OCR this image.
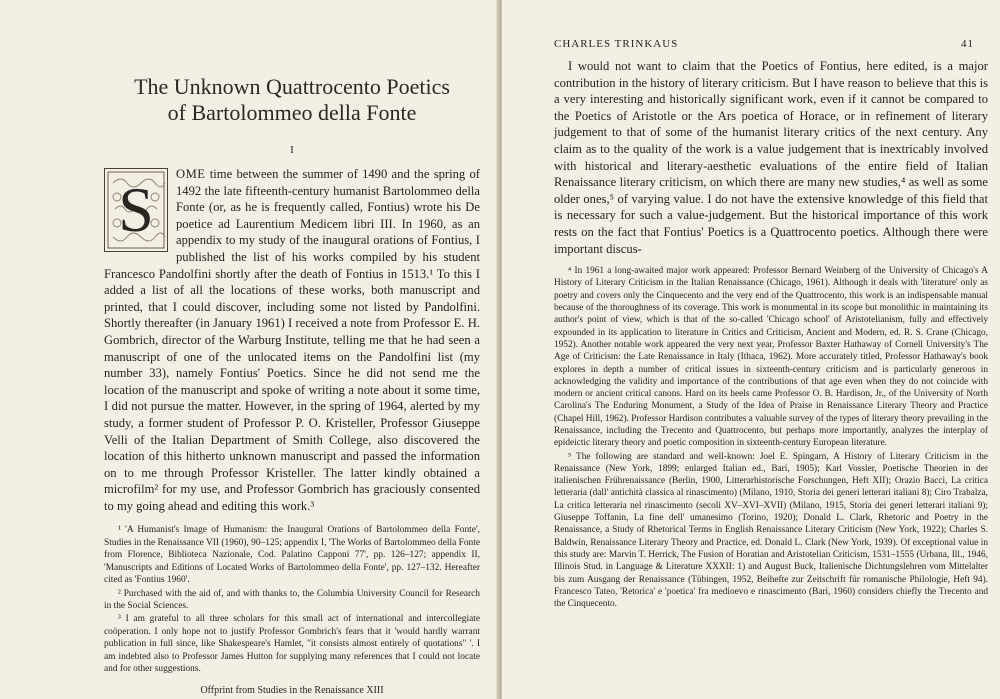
The Unknown Quattrocento Poetics
of Bartolommeo della Fonte
I
S	OME time between the summer of 1490 and the spring of 1492 the late fifteenth-century humanist Bartolommeo della Fonte (or, as he is frequently called, Fontius) wrote his De poetice ad Laurentium Medicem libri III. In 1960, as an appendix to my study of the inaugural orations of Fontius, I published the list of his works compiled by his student Francesco Pandolfini shortly after the death of Fontius in 1513.¹ To this I added a list of all the locations of these works, both manuscript and printed, that I could discover, including some not listed by Pandolfini. Shortly thereafter (in January 1961) I received a note from Professor E. H. Gombrich, director of the Warburg Institute, telling me that he had seen a manuscript of one of the unlocated items on the Pandolfini list (my number 33), namely Fontius' Poetics. Since he did not send me the location of the manuscript and spoke of writing a note about it some time, I did not pursue the matter. However, in the spring of 1964, alerted by my study, a former student of Professor P. O. Kristeller, Professor Giuseppe Velli of the Italian Department of Smith College, also discovered the location of this hitherto unknown manuscript and passed the information on to me through Professor Kristeller. The latter kindly obtained a microfilm² for my use, and Professor Gombrich has graciously consented to my going ahead and editing this work.³

¹ 'A Humanist's Image of Humanism: the Inaugural Orations of Bartolommeo della Fonte', Studies in the Renaissance VII (1960), 90–125; appendix I, 'The Works of Bartolommeo della Fonte from Florence, Biblioteca Nazionale, Cod. Palatino Capponi 77', pp. 126–127; appendix II, 'Manuscripts and Editions of Located Works of Bartolommeo della Fonte', pp. 127–132. Hereafter cited as 'Fontius 1960'.

² Purchased with the aid of, and with thanks to, the Columbia University Council for Research in the Social Sciences.

³ I am grateful to all three scholars for this small act of international and intercollegiate coöperation. I only hope not to justify Professor Gombrich's fears that it 'would hardly warrant publication in full since, like Shakespeare's Hamlet, "it consists almost entirely of quotations" '. I am indebted also to Professor James Hutton for supplying many references that I could not locate and for other suggestions.

Offprint from Studies in the Renaissance XIII
CHARLES TRINKAUS	41
I would not want to claim that the Poetics of Fontius, here edited, is a major contribution in the history of literary criticism. But I have reason to believe that this is a very interesting and historically significant work, even if it cannot be compared to the Poetics of Aristotle or the Ars poetica of Horace, or in refinement of literary judgement to that of some of the humanist literary critics of the next century. Any claim as to the quality of the work is a value judgement that is inextricably involved with historical and literary-aesthetic evaluations of the entire field of Italian Renaissance literary criticism, on which there are many new studies,⁴ as well as some older ones,⁵ of varying value. I do not have the extensive knowledge of this field that is necessary for such a value-judgement. But the historical importance of this work rests on the fact that Fontius' Poetics is a Quattrocento poetics. Although there were important discus-

⁴ In 1961 a long-awaited major work appeared: Professor Bernard Weinberg of the University of Chicago's A History of Literary Criticism in the Italian Renaissance (Chicago, 1961). Although it deals with 'literature' only as poetry and covers only the Cinquecento and the very end of the Quattrocento, this work is an indispensable manual because of the thoroughness of its coverage. This work is monumental in its scope but monolithic in maintaining its author's point of view, which is that of the so-called 'Chicago school' of Aristotelianism, fully and effectively expounded in its application to literature in Critics and Criticism, Ancient and Modern, ed. R. S. Crane (Chicago, 1952). Another notable work appeared the very next year, Professor Baxter Hathaway of Cornell University's The Age of Criticism: the Late Renaissance in Italy (Ithaca, 1962). More accurately titled, Professor Hathaway's book explores in depth a number of critical issues in sixteenth-century criticism and is particularly generous in acknowledging the validity and importance of the contributions of that age even when they do not coincide with modern or ancient critical canons. Hard on its heels came Professor O. B. Hardison, Jr., of the University of North Carolina's The Enduring Monument, a Study of the Idea of Praise in Renaissance Literary Theory and Practice (Chapel Hill, 1962). Professor Hardison contributes a valuable survey of the types of literary theory prevailing in the Renaissance, including the Trecento and Quattrocento, but perhaps more importantly, analyzes the interplay of epideictic literary theory and poetic composition in sixteenth-century European literature.

⁵ The following are standard and well-known: Joel E. Spingarn, A History of Literary Criticism in the Renaissance (New York, 1899; enlarged Italian ed., Bari, 1905); Karl Vossler, Poetische Theorien in der italienischen Frührenaissance (Berlin, 1900, Litterarhistorische Forschungen, Heft XII); Orazio Bacci, La critica letteraria (dall' antichità classica al rinascimento) (Milano, 1910, Storia dei generi letterari italiani 8); Ciro Trabalza, La critica letteraria nel rinascimento (secoli XV–XVI–XVII) (Milano, 1915, Storia dei generi letterari italiani 9); Giuseppe Toffanin, La fine dell' umanesimo (Torino, 1920); Donald L. Clark, Rhetoric and Poetry in the Renaissance, a Study of Rhetorical Terms in English Renaissance Literary Criticism (New York, 1922); Charles S. Baldwin, Renaissance Literary Theory and Practice, ed. Donald L. Clark (New York, 1939). Of exceptional value in this study are: Marvin T. Herrick, The Fusion of Horatian and Aristotelian Criticism, 1531–1555 (Urbana, Ill., 1946, Illinois Stud. in Language & Literature XXXII: 1) and August Buck, Italienische Dichtungslehren vom Mittelalter bis zum Ausgang der Renaissance (Tübingen, 1952, Beihefte zur Zeitschrift für romanische Philologie, Heft 94). Francesco Tateo, 'Retorica' e 'poetica' fra medioevo e rinascimento (Bari, 1960) considers chiefly the Trecento and the Cinquecento.
